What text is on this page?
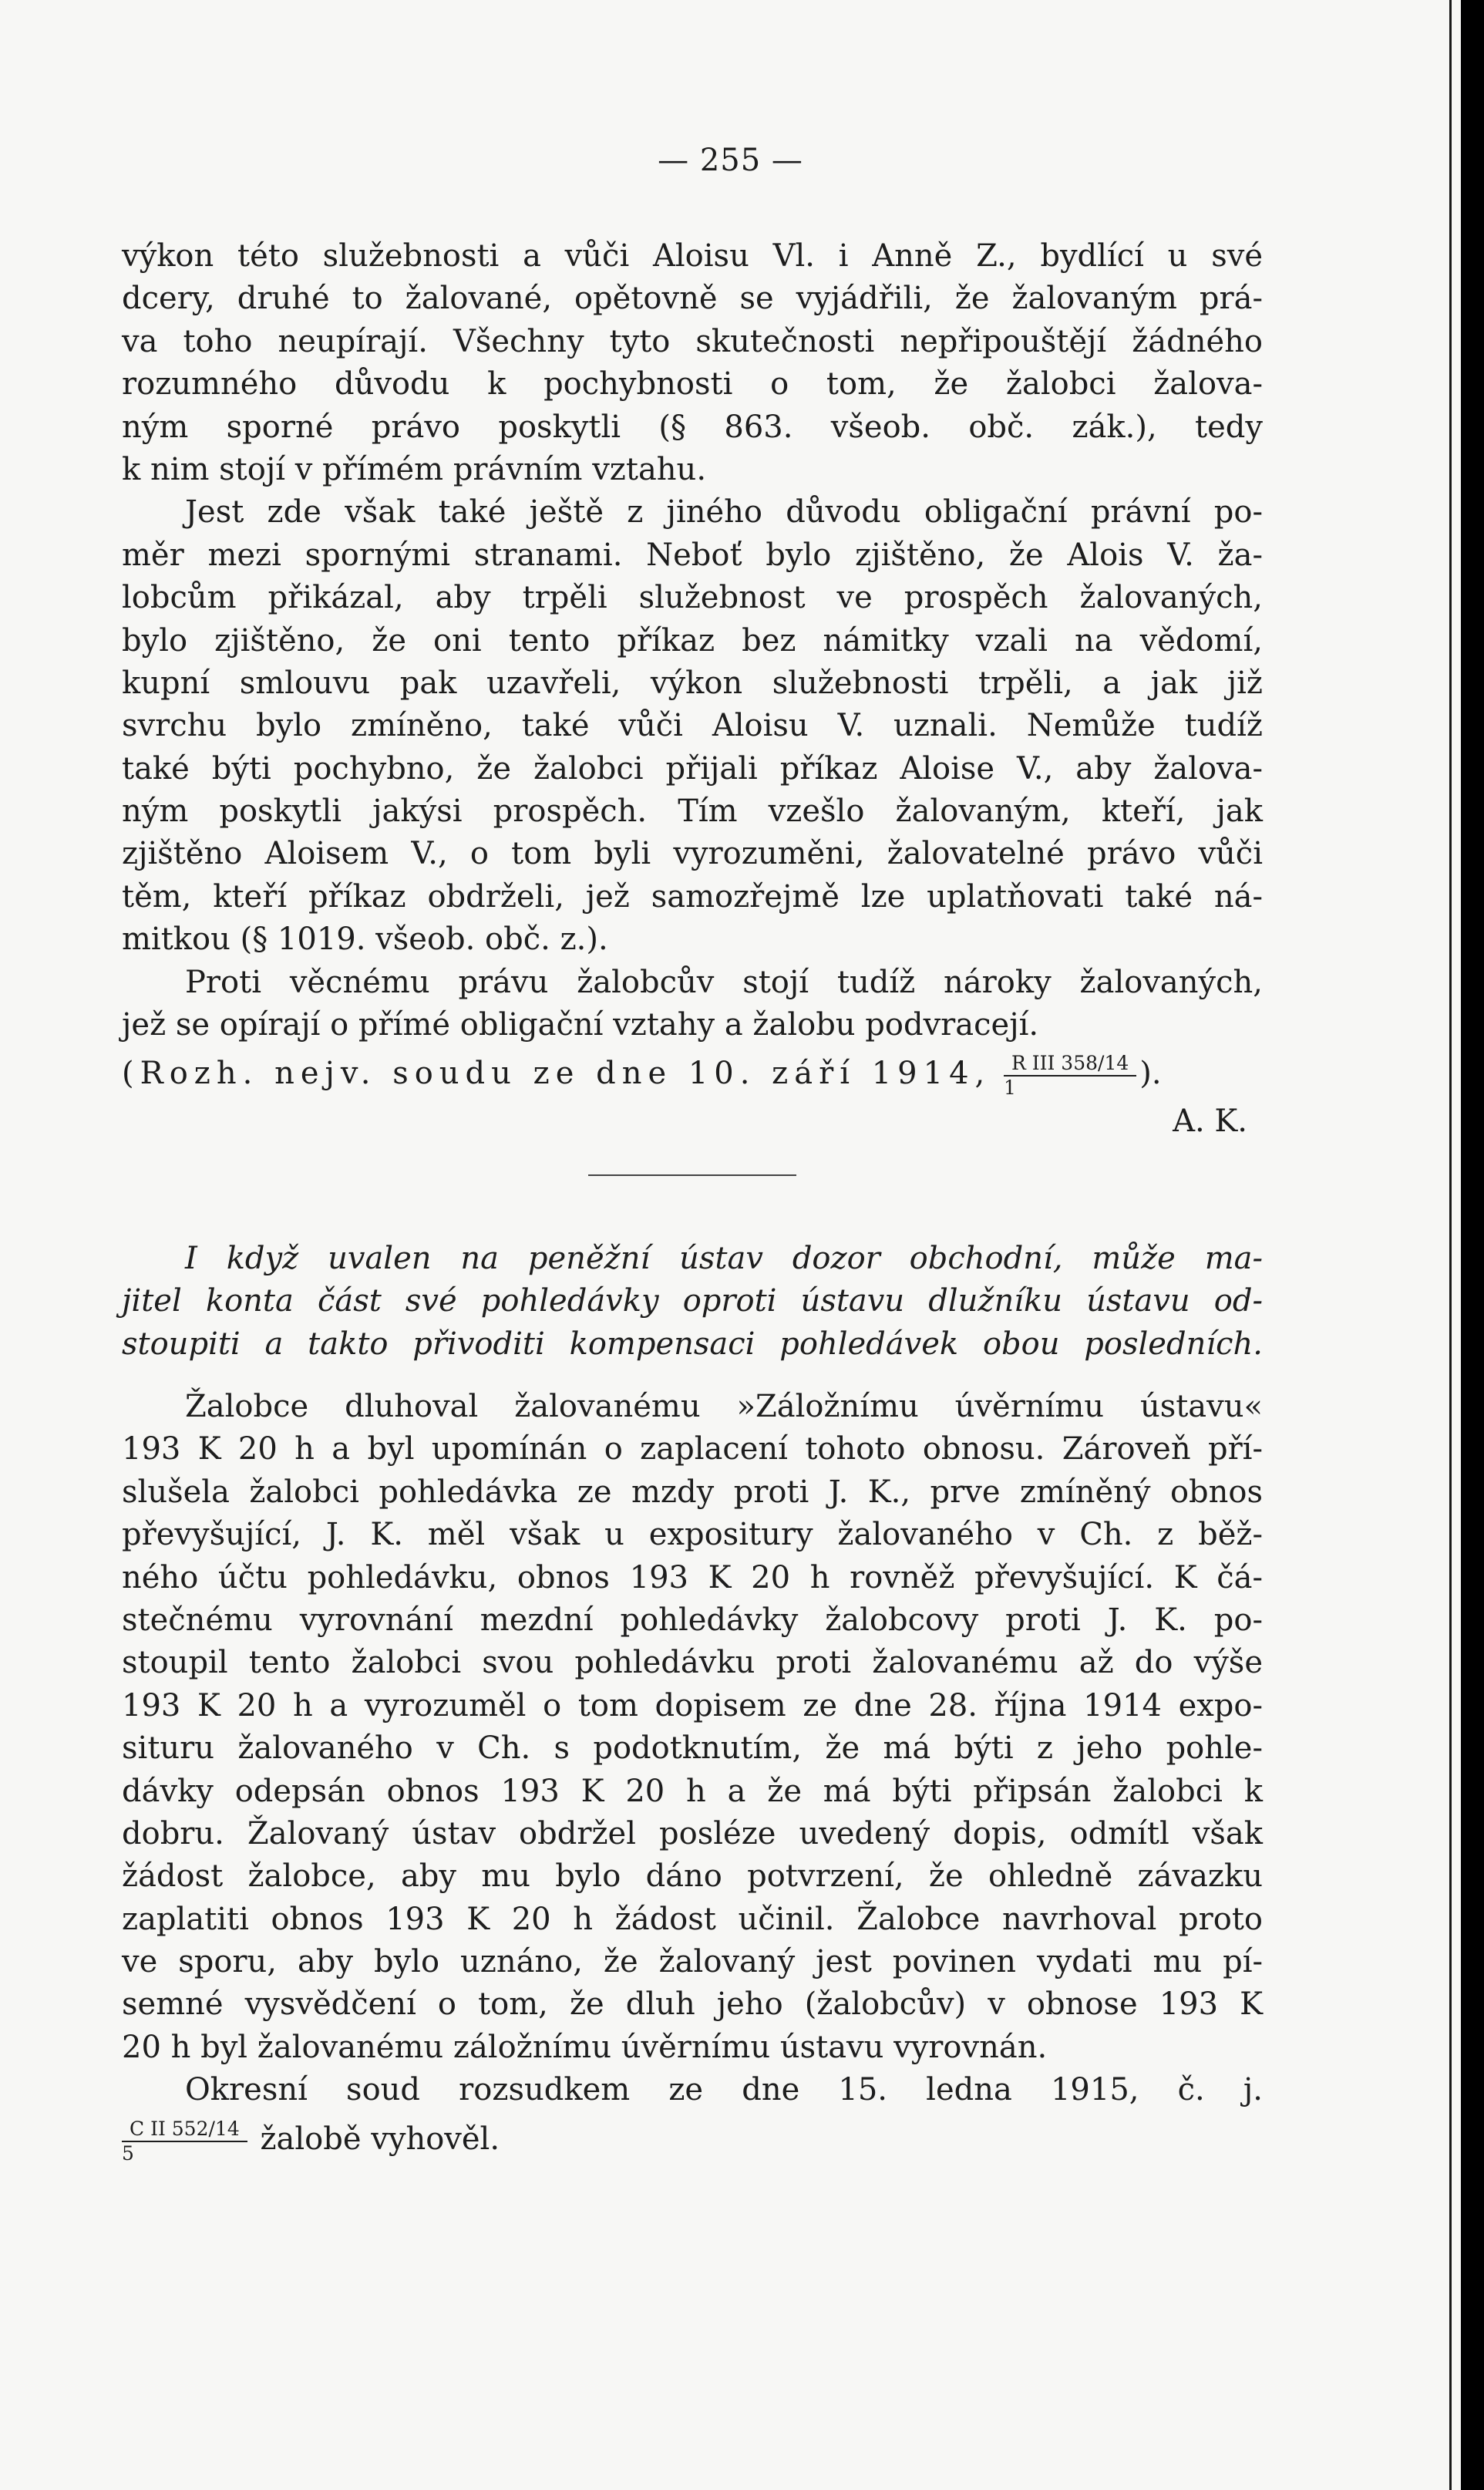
— 255 —
výkon této služebnosti a vůči Aloisu Vl. i Anně Z., bydlící u své
dcery, druhé to žalované, opětovně se vyjádřili, že žalovaným prá-
va toho neupírají. Všechny tyto skutečnosti nepřipouštějí žádného
rozumného důvodu k pochybnosti o tom, že žalobci žalova-
ným sporné právo poskytli (§ 863. všeob. obč. zák.), tedy
k nim stojí v přímém právním vztahu.
Jest zde však také ještě z jiného důvodu obligační právní po-
měr mezi spornými stranami. Neboť bylo zjištěno, že Alois V. ža-
lobcům přikázal, aby trpěli služebnost ve prospěch žalovaných,
bylo zjištěno, že oni tento příkaz bez námitky vzali na vědomí,
kupní smlouvu pak uzavřeli, výkon služebnosti trpěli, a jak již
svrchu bylo zmíněno, také vůči Aloisu V. uznali. Nemůže tudíž
také býti pochybno, že žalobci přijali příkaz Aloise V., aby žalova-
ným poskytli jakýsi prospěch. Tím vzešlo žalovaným, kteří, jak
zjištěno Aloisem V., o tom byli vyrozuměni, žalovatelné právo vůči
těm, kteří příkaz obdrželi, jež samozřejmě lze uplatňovati také ná-
mitkou (§ 1019. všeob. obč. z.).
Proti věcnému právu žalobcův stojí tudíž nároky žalovaných,
jež se opírají o přímé obligační vztahy a žalobu podvracejí.
(Rozh. nejv. soudu ze dne 10. září 1914, $\frac{\text{R III 358/14}}{1}$ ).
A. K.
I když uvalen na peněžní ústav dozor obchodní, může ma-
jitel konta část své pohledávky oproti ústavu dlužníku ústavu od-
stoupiti a takto přivoditi kompensaci pohledávek obou posledních.
Žalobce dluhoval žalovanému »Záložnímu úvěrnímu ústavu«
193 K 20 h a byl upomínán o zaplacení tohoto obnosu. Zároveň pří-
slušela žalobci pohledávka ze mzdy proti J. K., prve zmíněný obnos
převyšující, J. K. měl však u expositury žalovaného v Ch. z běž-
ného účtu pohledávku, obnos 193 K 20 h rovněž převyšující. K čá-
stečnému vyrovnání mezdní pohledávky žalobcovy proti J. K. po-
stoupil tento žalobci svou pohledávku proti žalovanému až do výše
193 K 20 h a vyrozuměl o tom dopisem ze dne 28. října 1914 expo-
situru žalovaného v Ch. s podotknutím, že má býti z jeho pohle-
dávky odepsán obnos 193 K 20 h a že má býti připsán žalobci k
dobru. Žalovaný ústav obdržel posléze uvedený dopis, odmítl však
žádost žalobce, aby mu bylo dáno potvrzení, že ohledně závazku
zaplatiti obnos 193 K 20 h žádost učinil. Žalobce navrhoval proto
ve sporu, aby bylo uznáno, že žalovaný jest povinen vydati mu pí-
semné vysvědčení o tom, že dluh jeho (žalobcův) v obnose 193 K
20 h byl žalovanému záložnímu úvěrnímu ústavu vyrovnán.
Okresní soud rozsudkem ze dne 15. ledna 1915, č. j.
$\frac{\text{C II 552/14}}{5}$ žalobě vyhověl.
